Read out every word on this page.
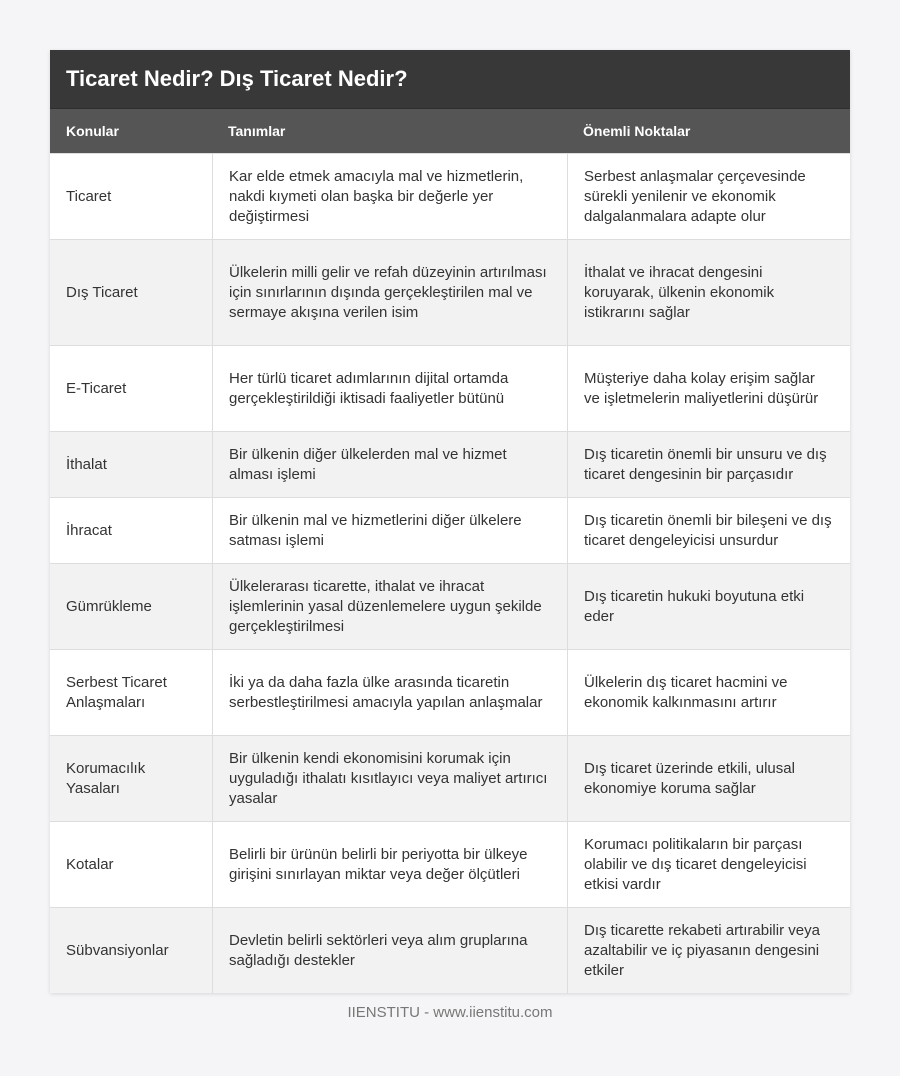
Ticaret Nedir? Dış Ticaret Nedir?
Konular	Tanımlar	Önemli Noktalar
Ticaret
Kar elde etmek amacıyla mal ve hizmetlerin, nakdi kıymeti olan başka bir değerle yer değiştirmesi
Serbest anlaşmalar çerçevesinde sürekli yenilenir ve ekonomik dalgalanmalara adapte olur
Dış Ticaret
Ülkelerin milli gelir ve refah düzeyinin artırılması için sınırlarının dışında gerçekleştirilen mal ve sermaye akışına verilen isim
İthalat ve ihracat dengesini koruyarak, ülkenin ekonomik istikrarını sağlar
E-Ticaret
Her türlü ticaret adımlarının dijital ortamda gerçekleştirildiği iktisadi faaliyetler bütünü
Müşteriye daha kolay erişim sağlar ve işletmelerin maliyetlerini düşürür
İthalat
Bir ülkenin diğer ülkelerden mal ve hizmet alması işlemi
Dış ticaretin önemli bir unsuru ve dış ticaret dengesinin bir parçasıdır
İhracat
Bir ülkenin mal ve hizmetlerini diğer ülkelere satması işlemi
Dış ticaretin önemli bir bileşeni ve dış ticaret dengeleyicisi unsurdur
Gümrükleme
Ülkelerarası ticarette, ithalat ve ihracat işlemlerinin yasal düzenlemelere uygun şekilde gerçekleştirilmesi
Dış ticaretin hukuki boyutuna etki eder
Serbest Ticaret Anlaşmaları
İki ya da daha fazla ülke arasında ticaretin serbestleştirilmesi amacıyla yapılan anlaşmalar
Ülkelerin dış ticaret hacmini ve ekonomik kalkınmasını artırır
Korumacılık Yasaları
Bir ülkenin kendi ekonomisini korumak için uyguladığı ithalatı kısıtlayıcı veya maliyet artırıcı yasalar
Dış ticaret üzerinde etkili, ulusal ekonomiye koruma sağlar
Kotalar
Belirli bir ürünün belirli bir periyotta bir ülkeye girişini sınırlayan miktar veya değer ölçütleri
Korumacı politikaların bir parçası olabilir ve dış ticaret dengeleyicisi etkisi vardır
Sübvansiyonlar
Devletin belirli sektörleri veya alım gruplarına sağladığı destekler
Dış ticarette rekabeti artırabilir veya azaltabilir ve iç piyasanın dengesini etkiler
IIENSTITU - www.iienstitu.com
